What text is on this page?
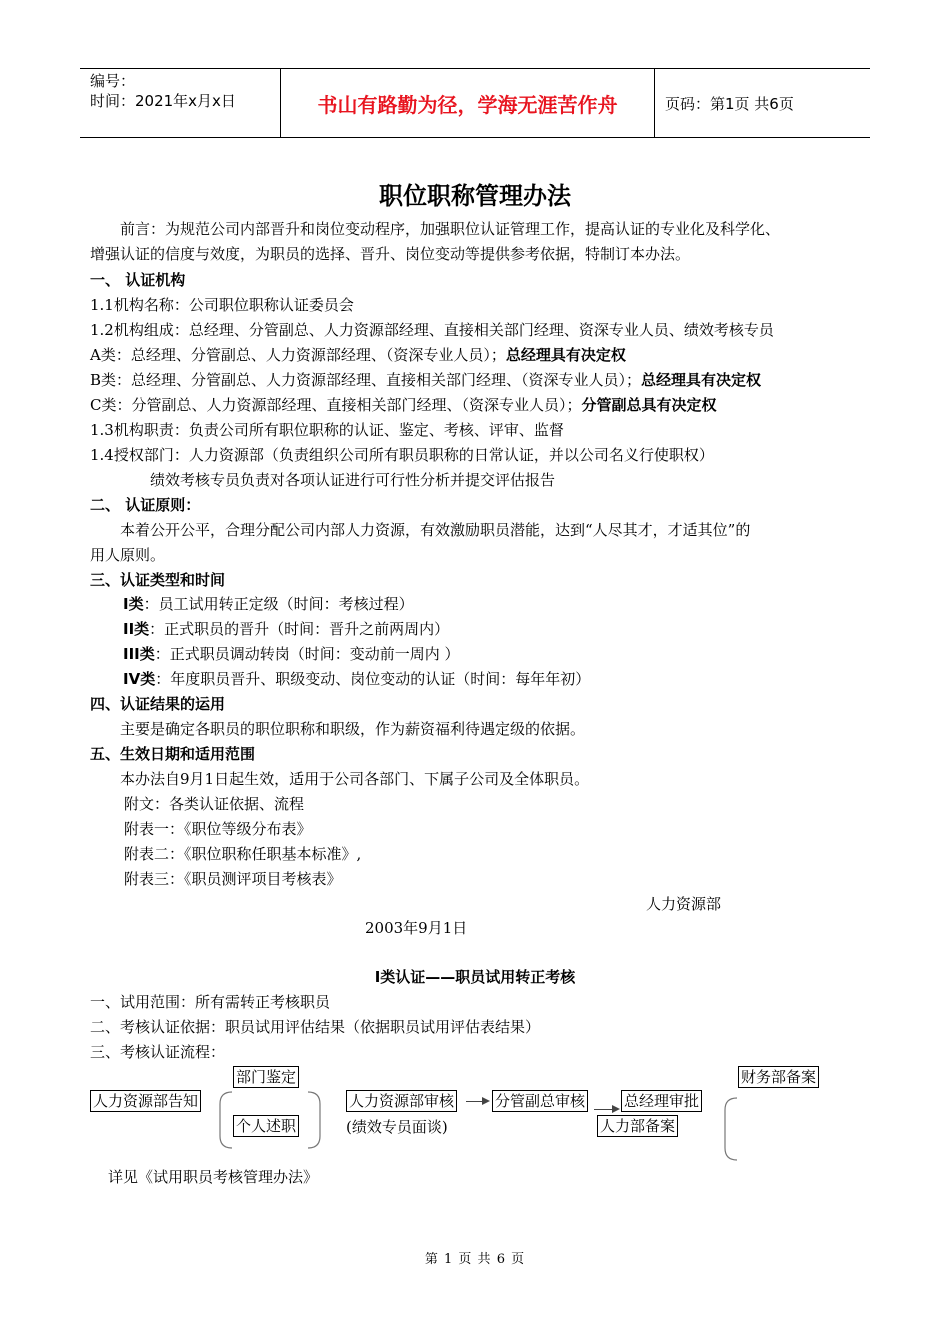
编号：
时间：2021年x月x日	书山有路勤为径，学海无涯苦作舟	页码：第1页 共6页
职位职称管理办法
前言：为规范公司内部晋升和岗位变动程序，加强职位认证管理工作，提高认证的专业化及科学化、
增强认证的信度与效度，为职员的选择、晋升、岗位变动等提供参考依据，特制订本办法。
一、 认证机构
1.1机构名称：公司职位职称认证委员会
1.2机构组成：总经理、分管副总、人力资源部经理、直接相关部门经理、资深专业人员、绩效考核专员
A类：总经理、分管副总、人力资源部经理、（资深专业人员）；总经理具有决定权
B类：总经理、分管副总、人力资源部经理、直接相关部门经理、（资深专业人员）；总经理具有决定权
C类：分管副总、人力资源部经理、直接相关部门经理、（资深专业人员）；分管副总具有决定权
1.3机构职责：负责公司所有职位职称的认证、鉴定、考核、评审、监督
1.4授权部门：人力资源部（负责组织公司所有职员职称的日常认证，并以公司名义行使职权）
绩效考核专员负责对各项认证进行可行性分析并提交评估报告
二、 认证原则：
本着公开公平，合理分配公司内部人力资源，有效激励职员潜能，达到“人尽其才，才适其位”的
用人原则。
三、认证类型和时间
I类：员工试用转正定级（时间：考核过程）
II类：正式职员的晋升（时间：晋升之前两周内）
III类：正式职员调动转岗（时间：变动前一周内 ）
IV类：年度职员晋升、职级变动、岗位变动的认证（时间：每年年初）
四、认证结果的运用
主要是确定各职员的职位职称和职级，作为薪资福利待遇定级的依据。
五、生效日期和适用范围
本办法自9月1日起生效，适用于公司各部门、下属子公司及全体职员。
附文：各类认证依据、流程
附表一：《职位等级分布表》
附表二：《职位职称任职基本标准》,
附表三：《职员测评项目考核表》
人力资源部
2003年9月1日
I类认证——职员试用转正考核
一、试用范围：所有需转正考核职员
二、考核认证依据：职员试用评估结果（依据职员试用评估表结果）
三、考核认证流程：
人力资源部告知
部门鉴定
个人述职
人力资源部审核
(绩效专员面谈)
分管副总审核	总经理审批
人力部备案
财务部备案
详见《试用职员考核管理办法》
第 1 页 共 6 页
